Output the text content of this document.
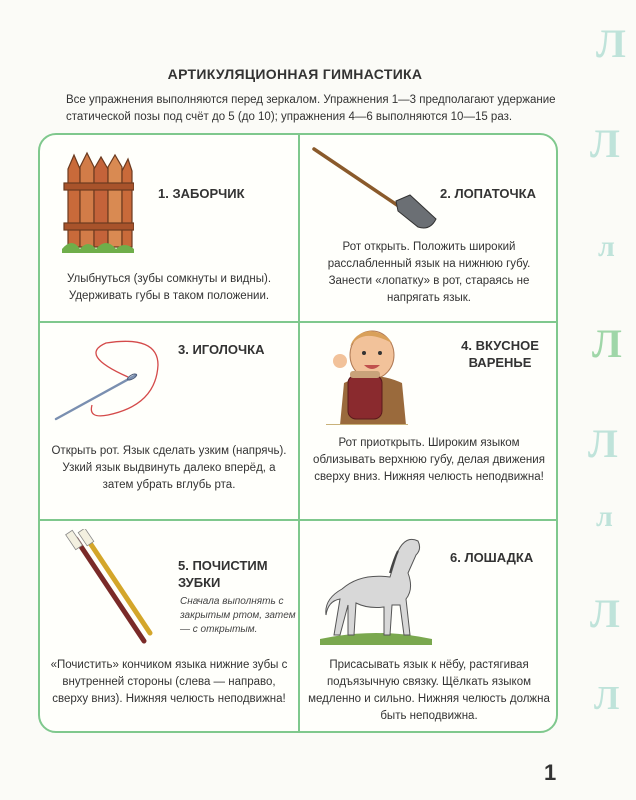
Л
Л
л
Л
Л
л
Л
Л
АРТИКУЛЯЦИОННАЯ ГИМНАСТИКА
Все упражнения выполняются перед зеркалом. Упражнения 1—3 предполагают удержание статической позы под счёт до 5 (до 10); упражнения 4—6 выполняются 10—15 раз.
1. ЗАБОРЧИК
Улыбнуться (зубы сомкнуты и видны). Удерживать губы в таком положении.
2. ЛОПАТОЧКА
Рот открыть. Положить широкий расслабленный язык на нижнюю губу. Занести «лопатку» в рот, стараясь не напрягать язык.
3. ИГОЛОЧКА
Открыть рот. Язык сделать узким (напрячь). Узкий язык выдвинуть далеко вперёд, а затем убрать вглубь рта.
4. ВКУСНОЕ ВАРЕНЬЕ
Рот приоткрыть. Широким языком облизывать верхнюю губу, делая движения сверху вниз. Нижняя челюсть неподвижна!
5. ПОЧИСТИМ ЗУБКИ
Сначала выполнять с закрытым ртом, затем — с открытым.
«Почистить» кончиком языка нижние зубы с внутренней стороны (слева — направо, сверху вниз). Нижняя челюсть неподвижна!
6. ЛОШАДКА
Присасывать язык к нёбу, растягивая подъязычную связку. Щёлкать языком медленно и сильно. Нижняя челюсть должна быть неподвижна.
1
